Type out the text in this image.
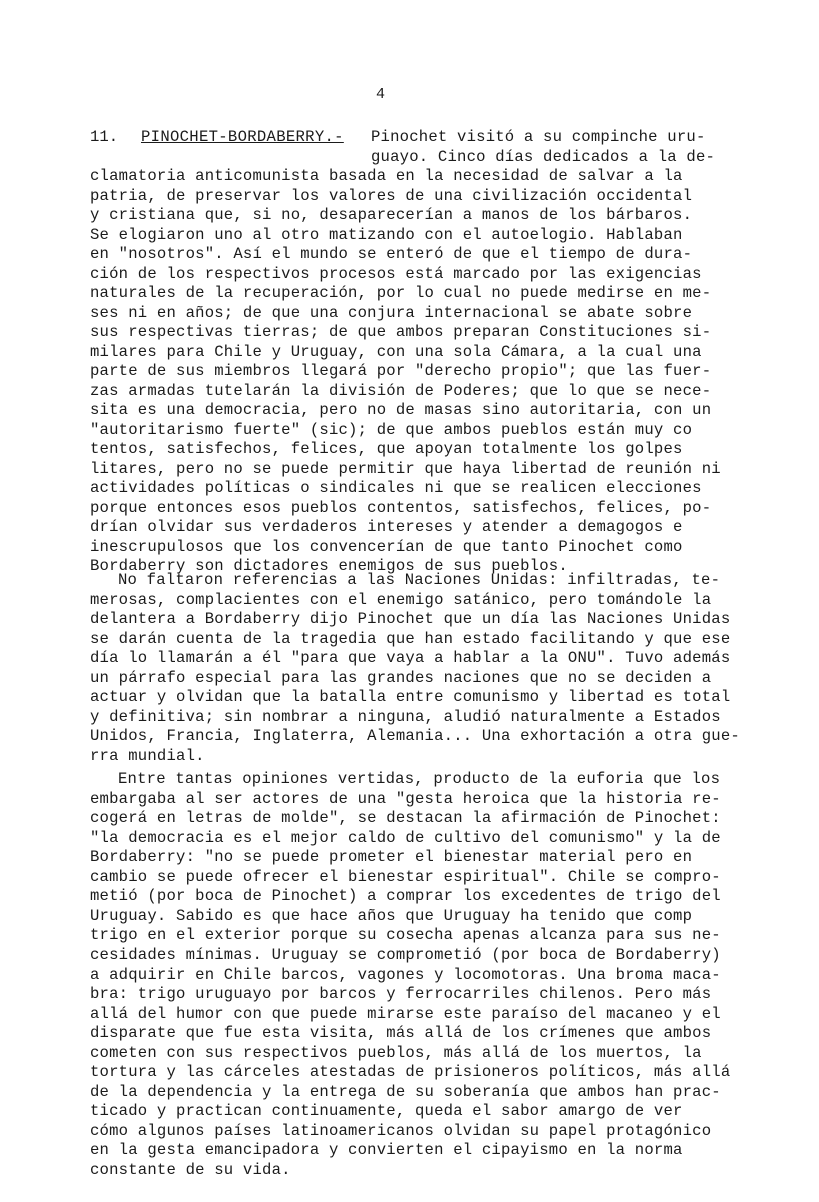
4
11. PINOCHET-BORDABERRY.- Pinochet visitó a su compinche uru-
guayo. Cinco días dedicados a la de-
clamatoria anticomunista basada en la necesidad de salvar a la
patria, de preservar los valores de una civilización occidental
y cristiana que, si no, desaparecerían a manos de los bárbaros.
Se elogiaron uno al otro matizando con el autoelogio. Hablaban
en "nosotros". Así el mundo se enteró de que el tiempo de dura-
ción de los respectivos procesos está marcado por las exigencias
naturales de la recuperación, por lo cual no puede medirse en me-
ses ni en años; de que una conjura internacional se abate sobre
sus respectivas tierras; de que ambos preparan Constituciones si-
milares para Chile y Uruguay, con una sola Cámara, a la cual una
parte de sus miembros llegará por "derecho propio"; que las fuer-
zas armadas tutelarán la división de Poderes; que lo que se nece-
sita es una democracia, pero no de masas sino autoritaria, con un
"autoritarismo fuerte" (sic); de que ambos pueblos están muy co
tentos, satisfechos, felices, que apoyan totalmente los golpes
litares, pero no se puede permitir que haya libertad de reunión ni
actividades políticas o sindicales ni que se realicen elecciones
porque entonces esos pueblos contentos, satisfechos, felices, po-
drían olvidar sus verdaderos intereses y atender a demagogos e
inescrupulosos que los convencerían de que tanto Pinochet como
Bordaberry son dictadores enemigos de sus pueblos.
No faltaron referencias a las Naciones Unidas: infiltradas, te-
merosas, complacientes con el enemigo satánico, pero tomándole la
delantera a Bordaberry dijo Pinochet que un día las Naciones Unidas
se darán cuenta de la tragedia que han estado facilitando y que ese
día lo llamarán a él "para que vaya a hablar a la ONU". Tuvo además
un párrafo especial para las grandes naciones que no se deciden a
actuar y olvidan que la batalla entre comunismo y libertad es total
y definitiva; sin nombrar a ninguna, aludió naturalmente a Estados
Unidos, Francia, Inglaterra, Alemania... Una exhortación a otra gue-
rra mundial.
Entre tantas opiniones vertidas, producto de la euforia que los
embargaba al ser actores de una "gesta heroica que la historia re-
cogerá en letras de molde", se destacan la afirmación de Pinochet:
"la democracia es el mejor caldo de cultivo del comunismo" y la de
Bordaberry: "no se puede prometer el bienestar material pero en
cambio se puede ofrecer el bienestar espiritual". Chile se compro-
metió (por boca de Pinochet) a comprar los excedentes de trigo del
Uruguay. Sabido es que hace años que Uruguay ha tenido que comp
trigo en el exterior porque su cosecha apenas alcanza para sus ne-
cesidades mínimas. Uruguay se comprometió (por boca de Bordaberry)
a adquirir en Chile barcos, vagones y locomotoras. Una broma maca-
bra: trigo uruguayo por barcos y ferrocarriles chilenos. Pero más
allá del humor con que puede mirarse este paraíso del macaneo y el
disparate que fue esta visita, más allá de los crímenes que ambos
cometen con sus respectivos pueblos, más allá de los muertos, la
tortura y las cárceles atestadas de prisioneros políticos, más allá
de la dependencia y la entrega de su soberanía que ambos han prac-
ticado y practican continuamente, queda el sabor amargo de ver
cómo algunos países latinoamericanos olvidan su papel protagónico
en la gesta emancipadora y convierten el cipayismo en la norma
constante de su vida.
